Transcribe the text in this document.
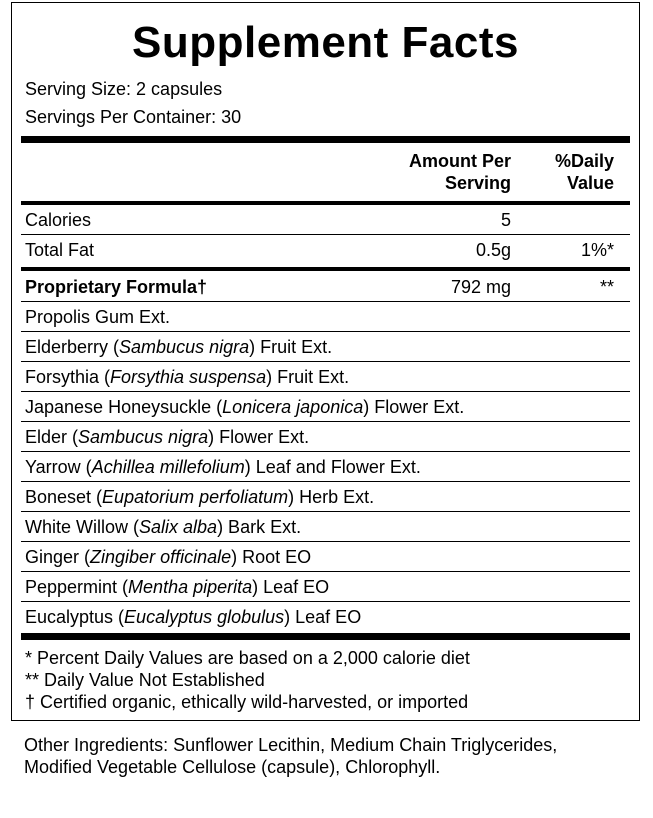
Supplement Facts
Serving Size: 2 capsules
Servings Per Container: 30
Amount Per
Serving
%Daily
Value
Calories	5
Total Fat	0.5g	1%*
Proprietary Formula†	792 mg	**
Propolis Gum Ext.
Elderberry (Sambucus nigra) Fruit Ext.
Forsythia (Forsythia suspensa) Fruit Ext.
Japanese Honeysuckle (Lonicera japonica) Flower Ext.
Elder (Sambucus nigra) Flower Ext.
Yarrow (Achillea millefolium) Leaf and Flower Ext.
Boneset (Eupatorium perfoliatum) Herb Ext.
White Willow (Salix alba) Bark Ext.
Ginger (Zingiber officinale) Root EO
Peppermint (Mentha piperita) Leaf EO
Eucalyptus (Eucalyptus globulus) Leaf EO
* Percent Daily Values are based on a 2,000 calorie diet
** Daily Value Not Established
† Certified organic, ethically wild-harvested, or imported
Other Ingredients: Sunflower Lecithin, Medium Chain Triglycerides, Modified Vegetable Cellulose (capsule), Chlorophyll.
